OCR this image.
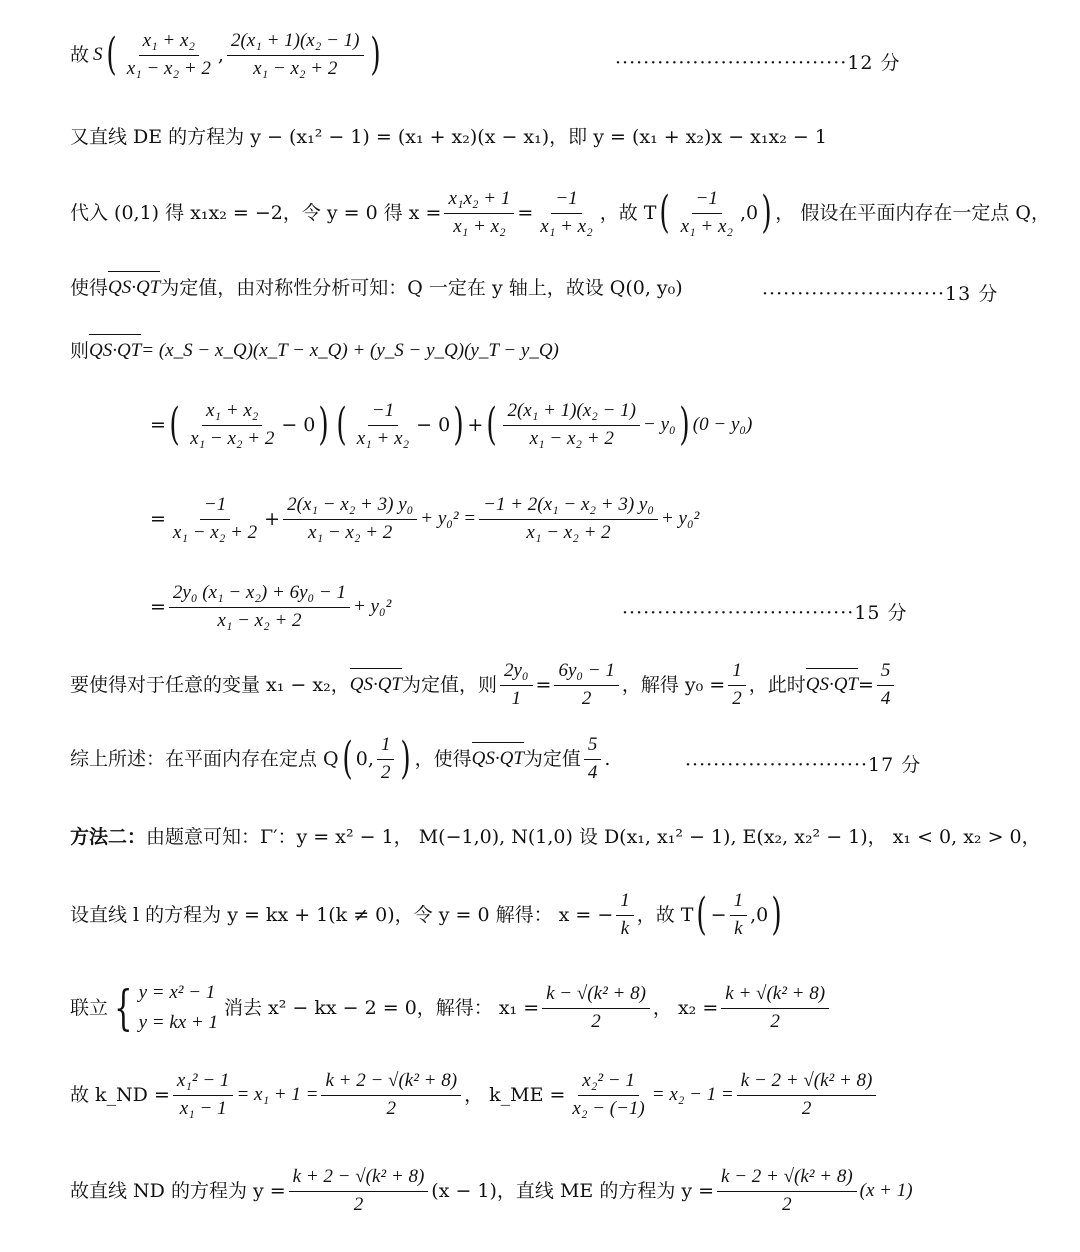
故 S ( $\frac{\text{x₁ + x₂}}{\text{x₁ − x₂ + 2}}$ , $\frac{\text{2(x₁ + 1)(x₂ − 1)}}{\text{x₁ − x₂ + 2}}$ )	·································12 分
又直线 DE 的方程为 y − (x₁² − 1) = (x₁ + x₂)(x − x₁)，即 y = (x₁ + x₂)x − x₁x₂ − 1
代入 (0,1) 得 x₁x₂ = −2，令 y = 0 得 $x = \frac{\text{x₁x₂ + 1}}{\text{x₁ + x₂}} = \frac{-1}{\text{x₁ + x₂}}$ ，故 T ( $\frac{-1}{\text{x₁ + x₂}} ,0$ ) ， 假设在平面内存在一定点 Q，
使得 QS·QT 为定值，由对称性分析可知：Q 一定在 y 轴上，故设 Q(0, y₀)	··························13 分
则 QS·QT = (x_S − x_Q)(x_T − x_Q) + (y_S − y_Q)(y_T − y_Q)
= ( $\frac{\text{x₁ + x₂}}{\text{x₁ − x₂ + 2}} - 0$ ) ( $\frac{-1}{\text{x₁ + x₂}} - 0$ ) + ( $\frac{\text{2(x₁ + 1)(x₂ − 1)}}{\text{x₁ − x₂ + 2}} - y_0$ ) (0 − y₀)
= $\frac{-1}{\text{x₁ − x₂ + 2}} + \frac{\text{2(x₁ − x₂ + 3) y₀}}{\text{x₁ − x₂ + 2}} + y_0^2 = \frac{\text{−1 + 2(x₁ − x₂ + 3) y₀}}{\text{x₁ − x₂ + 2}} + y_0^2$
= $\frac{\text{2y₀ (x₁ − x₂) + 6y₀ − 1}}{\text{x₁ − x₂ + 2}} + y_0^2$	·································15 分
要使得对于任意的变量 x₁ − x₂， QS·QT 为定值，则 $\frac{\text{2y₀}}{1} = \frac{\text{6y₀ − 1}}{2}$ ，解得 $y_0 = \frac{1}{2}$ ，此时 $QS\cdot QT = \frac{5}{4}$
综上所述：在平面内存在定点 Q ( 0, $\frac{1}{2}$ ) ，使得 QS·QT 为定值 $\frac{5}{4}$ .	··························17 分
方法二： 由题意可知：Γ′：y = x² − 1， M(−1,0), N(1,0) 设 D(x₁, x₁² − 1), E(x₂, x₂² − 1)， x₁ < 0, x₂ > 0，
设直线 l 的方程为 y = kx + 1(k ≠ 0)，令 y = 0 解得： x = − $\frac{1}{k}$ ，故 T ( − $\frac{1}{k} ,0$ )
联立 { y = x² − 1
y = kx + 1
消去 x² − kx − 2 = 0，解得： $x_1 = \frac{\text{k − √(k² + 8)}}{2}$ ， $x_2 = \frac{\text{k + √(k² + 8)}}{2}$
故 k_ND = $\frac{\text{x₁² − 1}}{\text{x₁ − 1}} = x_1 + 1 = \frac{\text{k + 2 − √(k² + 8)}}{2}$ ， k_ME = $\frac{\text{x₂² − 1}}{\text{x₂ − (−1)}} = x_2 - 1 = \frac{\text{k − 2 + √(k² + 8)}}{2}$
故直线 ND 的方程为 $y = \frac{\text{k + 2 − √(k² + 8)}}{2} (x - 1)$，直线 ME 的方程为 $y = \frac{\text{k − 2 + √(k² + 8)}}{2} (x + 1)$
